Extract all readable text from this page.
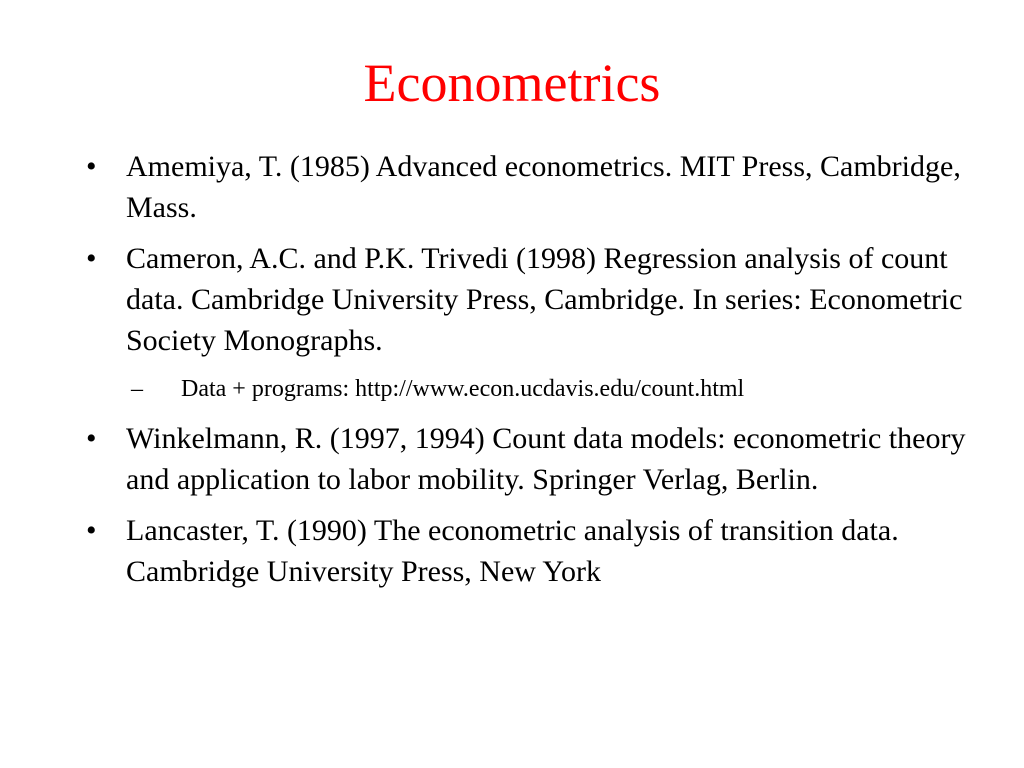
Econometrics

• Amemiya, T. (1985) Advanced econometrics. MIT Press, Cambridge, Mass.

• Cameron, A.C. and P.K. Trivedi (1998) Regression analysis of count data. Cambridge University Press, Cambridge. In series: Econometric Society Monographs.

– Data + programs: http://www.econ.ucdavis.edu/count.html

• Winkelmann, R. (1997, 1994) Count data models: econometric theory and application to labor mobility. Springer Verlag, Berlin.

• Lancaster, T. (1990) The econometric analysis of transition data. Cambridge University Press, New York
